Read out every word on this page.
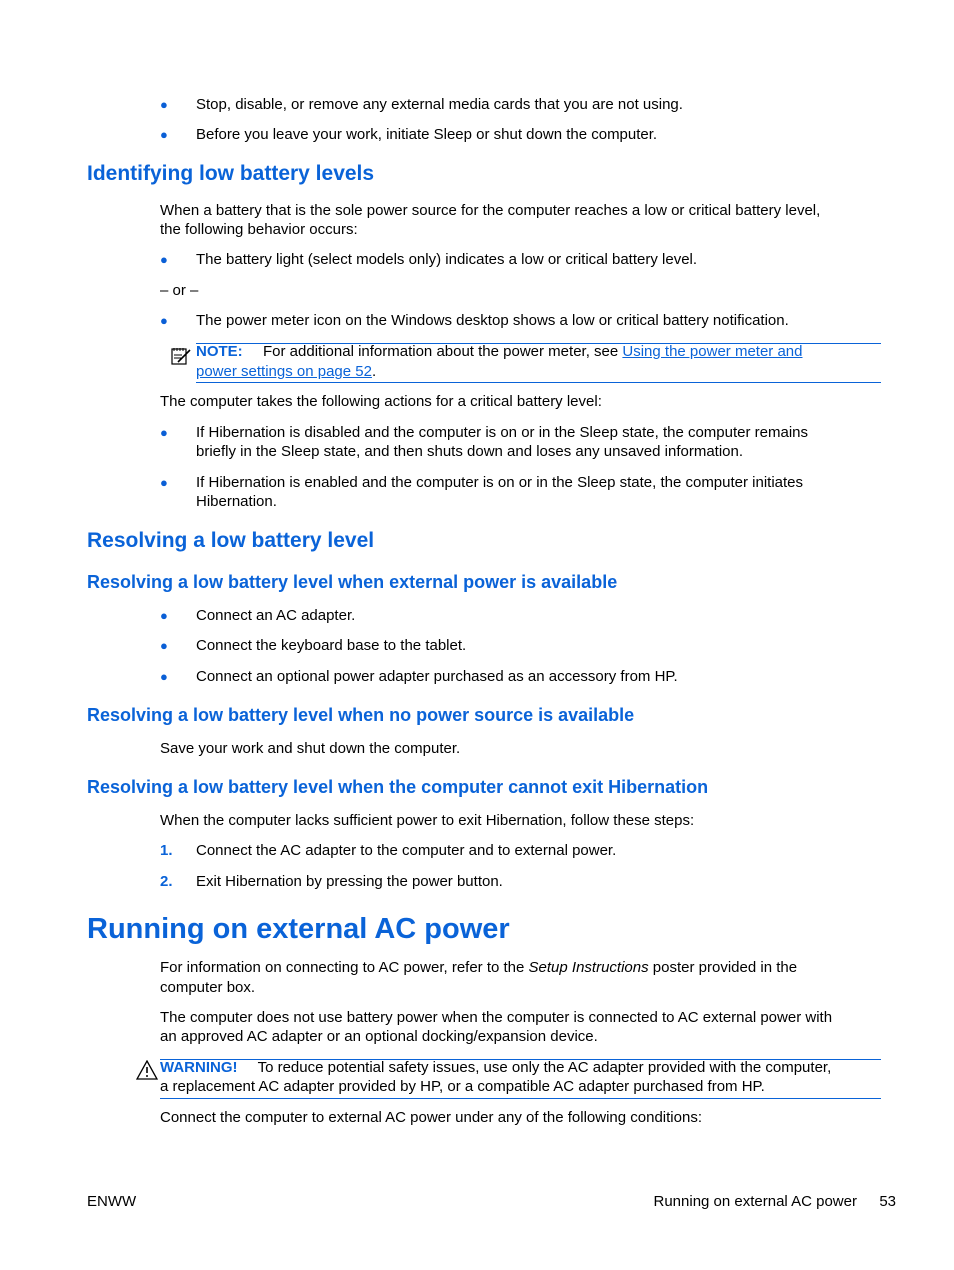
● Stop, disable, or remove any external media cards that you are not using.
● Before you leave your work, initiate Sleep or shut down the computer.
Identifying low battery levels
When a battery that is the sole power source for the computer reaches a low or critical battery level,
the following behavior occurs:
● The battery light (select models only) indicates a low or critical battery level.
– or –
● The power meter icon on the Windows desktop shows a low or critical battery notification.
NOTE: For additional information about the power meter, see Using the power meter and
power settings on page 52.
The computer takes the following actions for a critical battery level:
● If Hibernation is disabled and the computer is on or in the Sleep state, the computer remains
briefly in the Sleep state, and then shuts down and loses any unsaved information.
● If Hibernation is enabled and the computer is on or in the Sleep state, the computer initiates
Hibernation.
Resolving a low battery level
Resolving a low battery level when external power is available
● Connect an AC adapter.
● Connect the keyboard base to the tablet.
● Connect an optional power adapter purchased as an accessory from HP.
Resolving a low battery level when no power source is available
Save your work and shut down the computer.
Resolving a low battery level when the computer cannot exit Hibernation
When the computer lacks sufficient power to exit Hibernation, follow these steps:
1. Connect the AC adapter to the computer and to external power.
2. Exit Hibernation by pressing the power button.
Running on external AC power
For information on connecting to AC power, refer to the Setup Instructions poster provided in the
computer box.
The computer does not use battery power when the computer is connected to AC external power with
an approved AC adapter or an optional docking/expansion device.
WARNING! To reduce potential safety issues, use only the AC adapter provided with the computer,
a replacement AC adapter provided by HP, or a compatible AC adapter purchased from HP.
Connect the computer to external AC power under any of the following conditions:
ENWW	Running on external AC power 53
